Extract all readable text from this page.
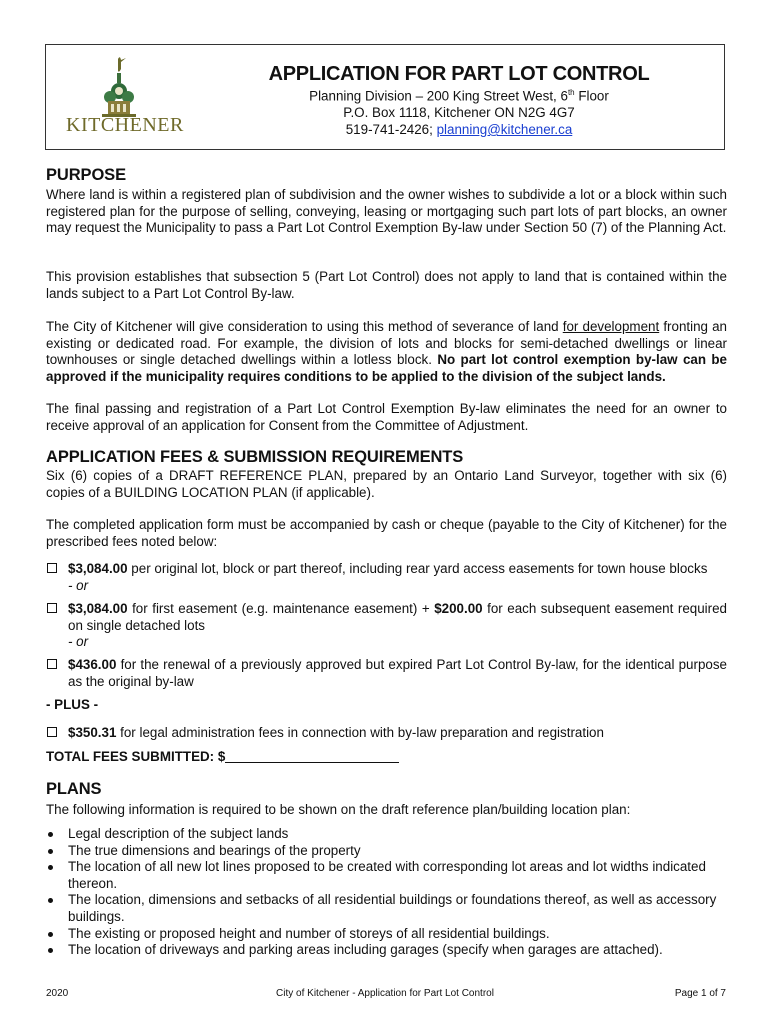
KITCHENER
APPLICATION FOR PART LOT CONTROL
Planning Division – 200 King Street West, 6th Floor
P.O. Box 1118, Kitchener ON N2G 4G7
519-741-2426; planning@kitchener.ca
PURPOSE

Where land is within a registered plan of subdivision and the owner wishes to subdivide a lot or a block within such registered plan for the purpose of selling, conveying, leasing or mortgaging such part lots of part blocks, an owner may request the Municipality to pass a Part Lot Control Exemption By-law under Section 50 (7) of the Planning Act.

This provision establishes that subsection 5 (Part Lot Control) does not apply to land that is contained within the lands subject to a Part Lot Control By-law.

The City of Kitchener will give consideration to using this method of severance of land for development fronting an existing or dedicated road. For example, the division of lots and blocks for semi-detached dwellings or linear townhouses or single detached dwellings within a lotless block. No part lot control exemption by-law can be approved if the municipality requires conditions to be applied to the division of the subject lands.

The final passing and registration of a Part Lot Control Exemption By-law eliminates the need for an owner to receive approval of an application for Consent from the Committee of Adjustment.

APPLICATION FEES & SUBMISSION REQUIREMENTS

Six (6) copies of a DRAFT REFERENCE PLAN, prepared by an Ontario Land Surveyor, together with six (6) copies of a BUILDING LOCATION PLAN (if applicable).

The completed application form must be accompanied by cash or cheque (payable to the City of Kitchener) for the prescribed fees noted below:

$3,084.00 per original lot, block or part thereof, including rear yard access easements for town house blocks
- or
$3,084.00 for first easement (e.g. maintenance easement) + $200.00 for each subsequent easement required on single detached lots
- or
$436.00 for the renewal of a previously approved but expired Part Lot Control By-law, for the identical purpose as the original by-law
- PLUS -
$350.31 for legal administration fees in connection with by-law preparation and registration
TOTAL FEES SUBMITTED: $
PLANS

The following information is required to be shown on the draft reference plan/building location plan:

Legal description of the subject lands
The true dimensions and bearings of the property
The location of all new lot lines proposed to be created with corresponding lot areas and lot widths indicated thereon.
The location, dimensions and setbacks of all residential buildings or foundations thereof, as well as accessory buildings.
The existing or proposed height and number of storeys of all residential buildings.
The location of driveways and parking areas including garages (specify when garages are attached).
2020	City of Kitchener - Application for Part Lot Control	Page 1 of 7
